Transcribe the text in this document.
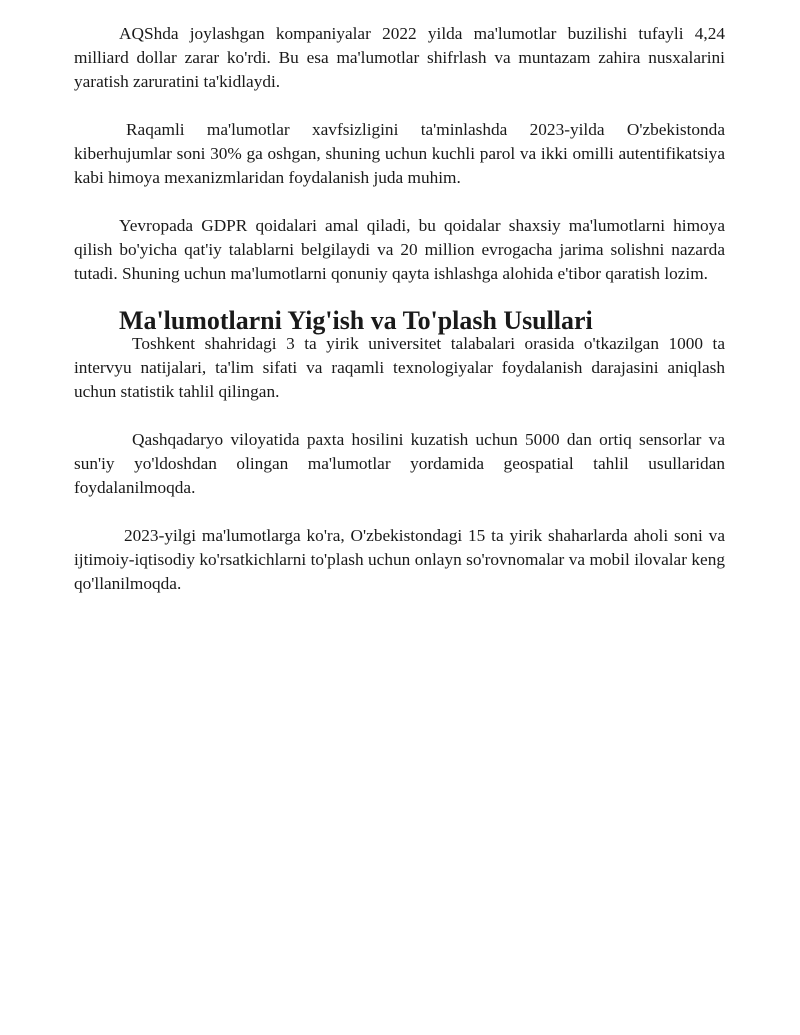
AQShda joylashgan kompaniyalar 2022 yilda ma'lumotlar buzilishi tufayli 4,24 milliard dollar zarar ko'rdi. Bu esa ma'lumotlar shifrlash va muntazam zahira nusxalarini yaratish zaruratini ta'kidlaydi.

Raqamli ma'lumotlar xavfsizligini ta'minlashda 2023-yilda O'zbekistonda kiberhujumlar soni 30% ga oshgan, shuning uchun kuchli parol va ikki omilli autentifikatsiya kabi himoya mexanizmlaridan foydalanish juda muhim.

Yevropada GDPR qoidalari amal qiladi, bu qoidalar shaxsiy ma'lumotlarni himoya qilish bo'yicha qat'iy talablarni belgilaydi va 20 million evrogacha jarima solishni nazarda tutadi. Shuning uchun ma'lumotlarni qonuniy qayta ishlashga alohida e'tibor qaratish lozim.

Ma'lumotlarni Yig'ish va To'plash Usullari

Toshkent shahridagi 3 ta yirik universitet talabalari orasida o'tkazilgan 1000 ta intervyu natijalari, ta'lim sifati va raqamli texnologiyalar foydalanish darajasini aniqlash uchun statistik tahlil qilingan.

Qashqadaryo viloyatida paxta hosilini kuzatish uchun 5000 dan ortiq sensorlar va sun'iy yo'ldoshdan olingan ma'lumotlar yordamida geospatial tahlil usullaridan foydalanilmoqda.

2023-yilgi ma'lumotlarga ko'ra, O'zbekistondagi 15 ta yirik shaharlarda aholi soni va ijtimoiy-iqtisodiy ko'rsatkichlarni to'plash uchun onlayn so'rovnomalar va mobil ilovalar keng qo'llanilmoqda.
